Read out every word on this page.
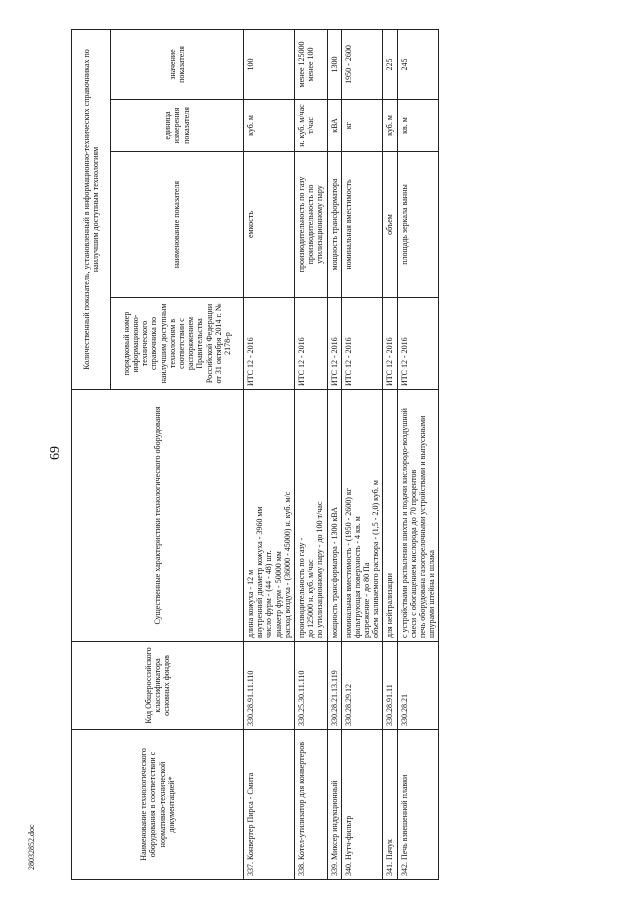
69
28032852.doc	Наименование технологического оборудования в соответствии с нормативно-технической документацией*	Код Общероссийского классификатора основных фондов	Существенные характеристики технологического оборудования	Количественный показатель, установленный в информационно-технических справочниках по наилучшим доступным технологиям			
			порядковый номер информационно-технического справочника по наилучшим доступным технологиям в соответствии с распоряжением Правительства Российской Федерации от 31 октября 2014 г. № 2178-р	наименование показателя	единица измерения показателя	значение показателя
337. Конвертер Пирса - Смита	330.28.91.11.110	длина кожуха - 12 м внутренний диаметр кожуха - 3960 мм число фурм - (44 - 48) шт. диаметр фурм - 50000 мм расход воздуха - (36000 - 45000) н. куб. м/с	ИТС 12 - 2016	емкость	куб. м	100
338. Котел-утилизатор для конвертеров	330.25.30.11.110	производительность по газу - до 125000 н. куб. м/час по утилизационному пару - до 100 т/час	ИТС 12 - 2016	производительность по газу производительность по утилизационному пару	н. куб. м/час т/час	менее 125000 менее 100
339. Миксер индукционный	330.28.21.13.119	мощность трансформатора - 1300 кВА	ИТС 12 - 2016	мощность трансформатора	кВА	1300
340. Нутч-фильтр	330.28.29.12	номинальная вместимость - (1950 - 2600) кг фильтрующая поверхность - 4 кв. м разрежение - до 80 Па объем заливаемого раствора - (1,5 - 2,0) куб. м	ИТС 12 - 2016	номинальная вместимость	кг	1950 - 2600
341. Пачук	330.28.91.11	для нейтрализации	ИТС 12 - 2016	объем	куб. м	225
342. Печь взвешенной плавки	330.28.21	с устройствами распыления шихты и подачи кислородо-воздушной смеси с обогащением кислорода до 70 процентов печь оборудована газогорелочными устройствами и выпускными шпурами штейна и шлака	ИТС 12 - 2016	площадь зеркала ванны	кв. м	245
